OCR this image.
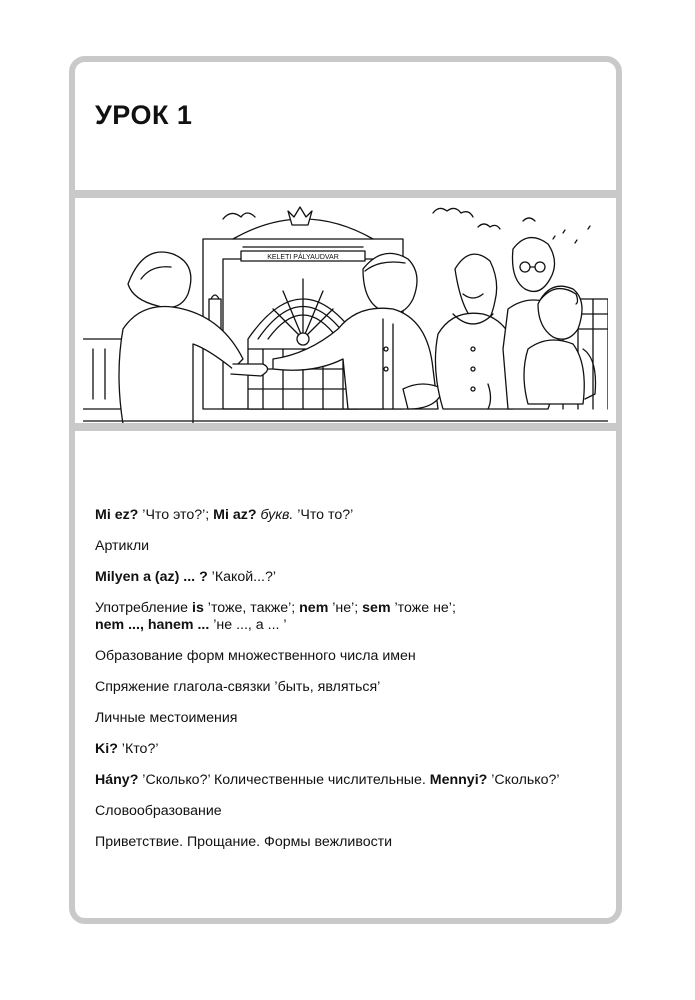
УРОК 1
KELETI PÁLYAUDVAR
Mi ez? ’Что это?’; Mi az? букв. ’Что то?’
Артикли
Milyen a (az) ... ? ’Какой...?’
Употребление is ’тоже, также’; nem ’не’; sem ’тоже не’;
nem ..., hanem ... ’не ..., а ... ’
Образование форм множественного числа имен
Спряжение глагола-связки ’быть, являться’
Личные местоимения
Ki? ’Кто?’
Hány? ’Сколько?’ Количественные числительные. Mennyi? ’Сколько?’
Словообразование
Приветствие. Прощание. Формы вежливости
